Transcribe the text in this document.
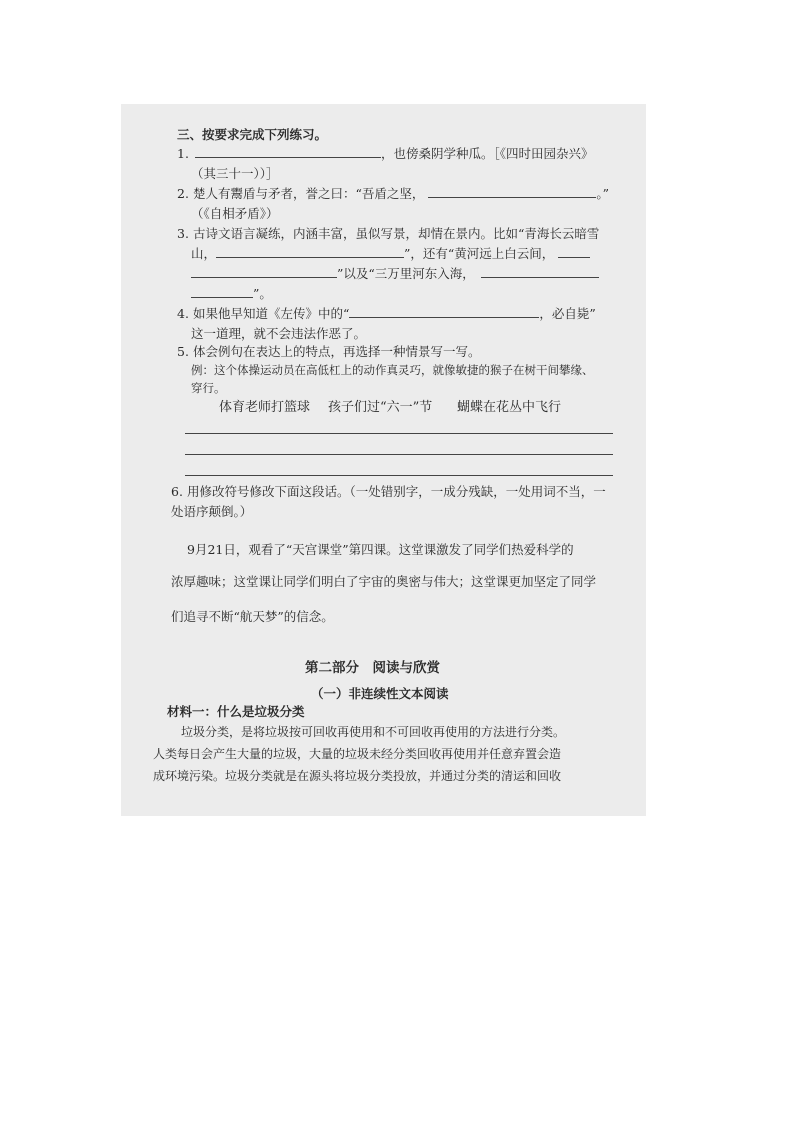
三、按要求完成下列练习。
1.	，也傍桑阴学种瓜。［《四时田园杂兴》
（其三十一））］
2. 楚人有鬻盾与矛者，誉之曰：“吾盾之坚，	。”
（《自相矛盾》）
3. 古诗文语言凝练，内涵丰富，虽似写景，却情在景内。比如“青海长云暗雪
山，	”，还有“黄河远上白云间，
”以及“三万里河东入海，
”。
4. 如果他早知道《左传》中的“	，必自毙”
这一道理，就不会违法作恶了。
5. 体会例句在表达上的特点，再选择一种情景写一写。
例：这个体操运动员在高低杠上的动作真灵巧，就像敏捷的猴子在树干间攀缘、
穿行。
体育老师打篮球 孩子们过“六一”节 蝴蝶在花丛中飞行
6. 用修改符号修改下面这段话。（一处错别字，一成分残缺，一处用词不当，一
处语序颠倒。）
9月21日，观看了“天宫课堂”第四课。这堂课激发了同学们热爱科学的
浓厚趣味；这堂课让同学们明白了宇宙的奥密与伟大；这堂课更加坚定了同学
们追寻不断“航天梦”的信念。
第二部分　阅读与欣赏
（一）非连续性文本阅读
材料一：什么是垃圾分类
垃圾分类，是将垃圾按可回收再使用和不可回收再使用的方法进行分类。
人类每日会产生大量的垃圾，大量的垃圾未经分类回收再使用并任意弃置会造
成环境污染。垃圾分类就是在源头将垃圾分类投放，并通过分类的清运和回收
